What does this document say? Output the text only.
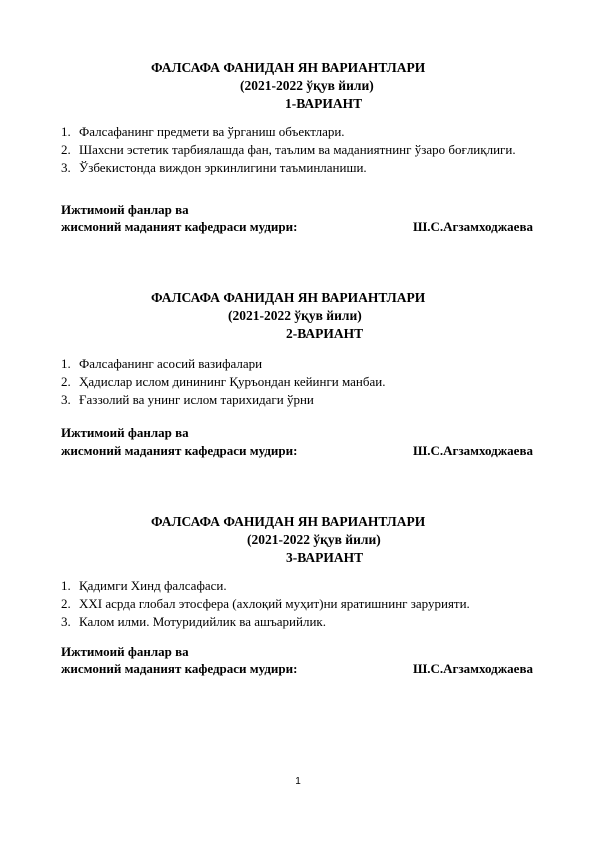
ФАЛСАФА ФАНИДАН ЯН ВАРИАНТЛАРИ
(2021-2022 ўқув йили)
1-ВАРИАНТ
1. Фалсафанинг предмети ва ўрганиш объектлари.
2. Шахсни эстетик тарбиялашда фан, таълим ва маданиятнинг ўзаро боғлиқлиги.
3. Ўзбекистонда виждон эркинлигини таъминланиши.
Ижтимоий фанлар ва
жисмоний маданият кафедраси мудири:	Ш.С.Агзамходжаева
ФАЛСАФА ФАНИДАН ЯН ВАРИАНТЛАРИ
(2021-2022 ўқув йили)
2-ВАРИАНТ
1. Фалсафанинг асосий вазифалари
2. Ҳадислар ислом динининг Қуръондан кейинги манбаи.
3. Ғаззолий ва унинг ислом тарихидаги ўрни
Ижтимоий фанлар ва
жисмоний маданият кафедраси мудири:	Ш.С.Агзамходжаева
ФАЛСАФА ФАНИДАН ЯН ВАРИАНТЛАРИ
(2021-2022 ўқув йили)
3-ВАРИАНТ
1. Қадимги Хинд фалсафаси.
2. XXI асрда глобал этосфера (ахлоқий муҳит)ни яратишнинг зарурияти.
3. Калом илми. Мотуридийлик ва ашъарийлик.
Ижтимоий фанлар ва
жисмоний маданият кафедраси мудири:	Ш.С.Агзамходжаева
1
